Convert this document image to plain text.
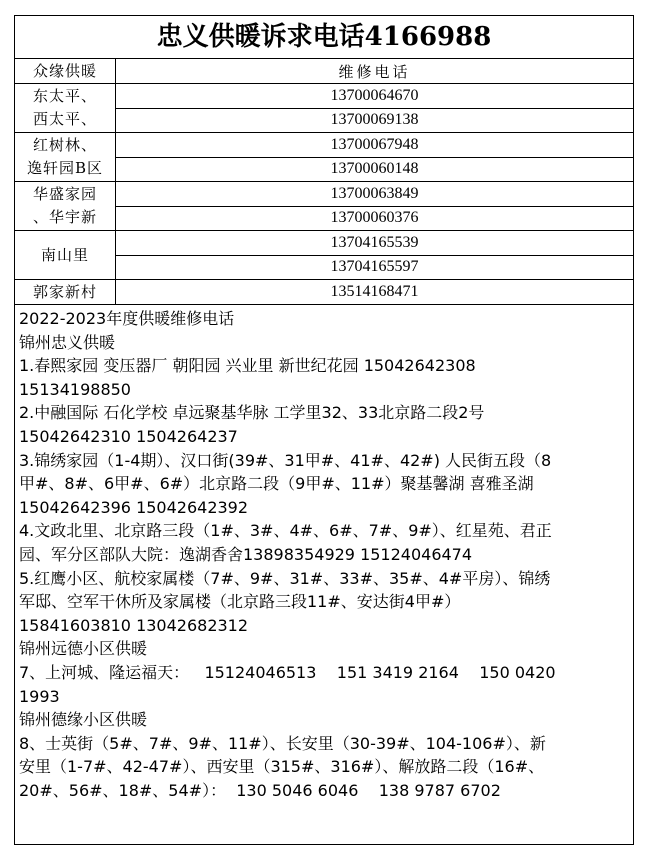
忠义供暖诉求电话4166988
众缘供暖	维修电话
东太平、
西太平、
13700064670
13700069138
红树林、
逸轩园B区
13700067948
13700060148
华盛家园
、华宇新
13700063849
13700060376
南山里
13704165539
13704165597
郭家新村	13514168471
2022-2023年度供暖维修电话
锦州忠义供暖
1.春熙家园 变压器厂 朝阳园 兴业里 新世纪花园 15042642308
15134198850
2.中融国际 石化学校 卓远聚基华脉 工学里32、33北京路二段2号
15042642310 1504264237
3.锦绣家园（1-4期）、汉口街(39#、31甲#、41#、42#) 人民街五段（8
甲#、8#、6甲#、6#）北京路二段（9甲#、11#）聚基馨湖 喜雅圣湖
15042642396 15042642392
4.文政北里、北京路三段（1#、3#、4#、6#、7#、9#）、红星苑、君正
园、军分区部队大院：逸湖香舍13898354929 15124046474
5.红鹰小区、航校家属楼（7#、9#、31#、33#、35#、4#平房）、锦绣
军邸、空军干休所及家属楼（北京路三段11#、安达街4甲#）
15841603810 13042682312
锦州远德小区供暖
7、上河城、隆运福天：   15124046513    151 3419 2164    150 0420
1993
锦州德缘小区供暖
8、士英街（5#、7#、9#、11#）、长安里（30-39#、104-106#）、新
安里（1-7#、42-47#）、西安里（315#、316#）、解放路二段（16#、
20#、56#、18#、54#）：  130 5046 6046    138 9787 6702
